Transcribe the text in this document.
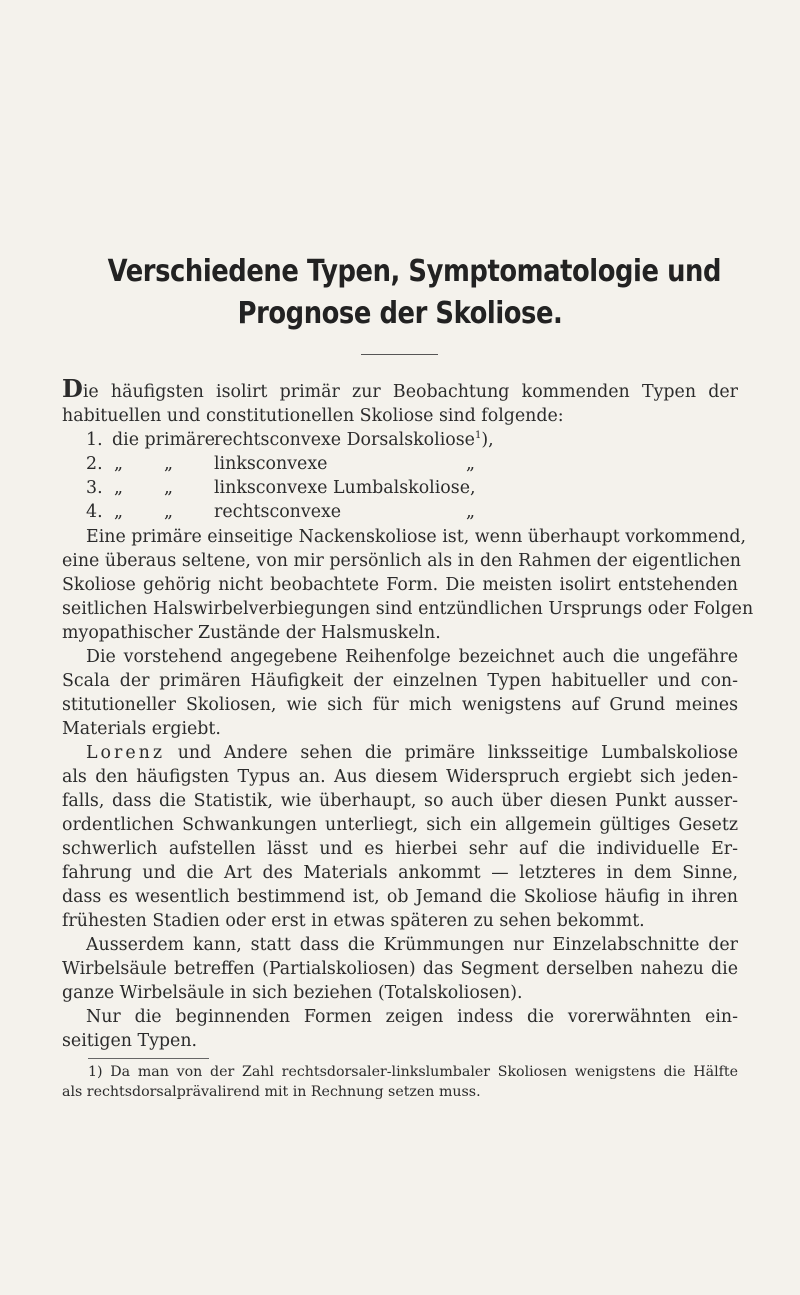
Verschiedene Typen, Symptomatologie und
Prognose der Skoliose.
Die häufigsten isolirt primär zur Beobachtung kommenden Typen der
habituellen und constitutionellen Skoliose sind folgende:
1. die primäre rechtsconvexe Dorsalskoliose$^1$),
2. „ „ linksconvexe	„
3. „ „ linksconvexe Lumbalskoliose,
4. „ „ rechtsconvexe	„
Eine primäre einseitige Nackenskoliose ist, wenn überhaupt vorkommend,
eine überaus seltene, von mir persönlich als in den Rahmen der eigentlichen
Skoliose gehörig nicht beobachtete Form. Die meisten isolirt entstehenden
seitlichen Halswirbelverbiegungen sind entzündlichen Ursprungs oder Folgen
myopathischer Zustände der Halsmuskeln.
Die vorstehend angegebene Reihenfolge bezeichnet auch die ungefähre
Scala der primären Häufigkeit der einzelnen Typen habitueller und con-
stitutioneller Skoliosen, wie sich für mich wenigstens auf Grund meines
Materials ergiebt.
Lorenz und Andere sehen die primäre linksseitige Lumbalskoliose
als den häufigsten Typus an. Aus diesem Widerspruch ergiebt sich jeden-
falls, dass die Statistik, wie überhaupt, so auch über diesen Punkt ausser-
ordentlichen Schwankungen unterliegt, sich ein allgemein gültiges Gesetz
schwerlich aufstellen lässt und es hierbei sehr auf die individuelle Er-
fahrung und die Art des Materials ankommt — letzteres in dem Sinne,
dass es wesentlich bestimmend ist, ob Jemand die Skoliose häufig in ihren
frühesten Stadien oder erst in etwas späteren zu sehen bekommt.
Ausserdem kann, statt dass die Krümmungen nur Einzelabschnitte der
Wirbelsäule betreffen (Partialskoliosen) das Segment derselben nahezu die
ganze Wirbelsäule in sich beziehen (Totalskoliosen).
Nur die beginnenden Formen zeigen indess die vorerwähnten ein-
seitigen Typen.
1) Da man von der Zahl rechtsdorsaler-linkslumbaler Skoliosen wenigstens die Hälfte
als rechtsdorsalprävalirend mit in Rechnung setzen muss.
